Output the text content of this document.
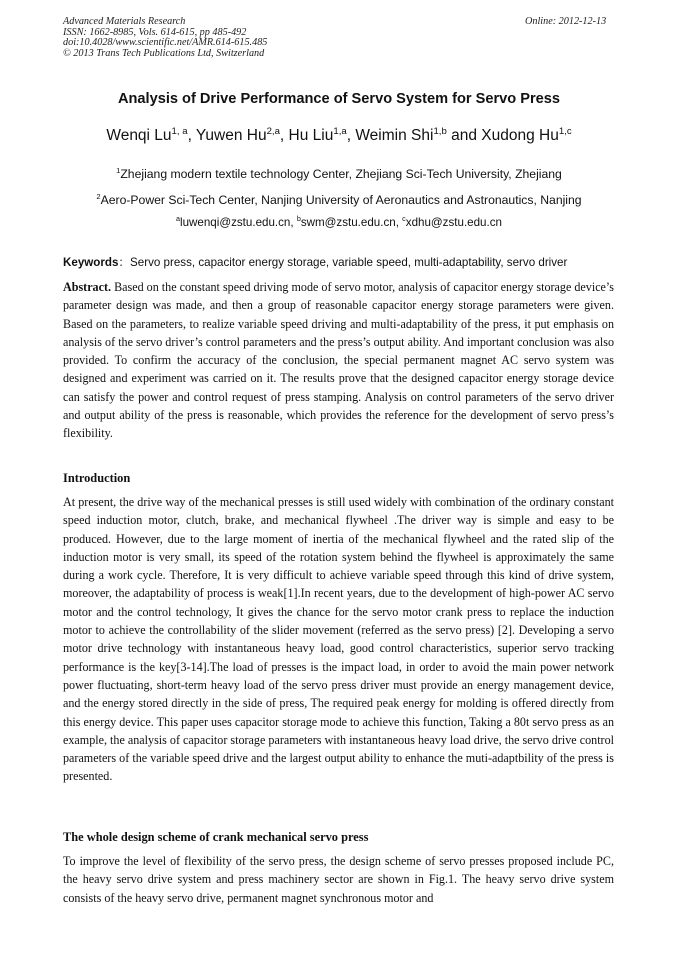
Advanced Materials Research
ISSN: 1662-8985, Vols. 614-615, pp 485-492
doi:10.4028/www.scientific.net/AMR.614-615.485
© 2013 Trans Tech Publications Ltd, Switzerland
Online: 2012-12-13
Analysis of Drive Performance of Servo System for Servo Press
Wenqi Lu$^{1, a}$, Yuwen Hu$^{2,a}$, Hu Liu$^{1,a}$, Weimin Shi$^{1,b}$ and Xudong Hu$^{1,c}$
$^1$Zhejiang modern textile technology Center, Zhejiang Sci-Tech University, Zhejiang
$^2$Aero-Power Sci-Tech Center, Nanjing University of Aeronautics and Astronautics, Nanjing
$^a$luwenqi@zstu.edu.cn, $^b$swm@zstu.edu.cn, $^c$xdhu@zstu.edu.cn
Keywords：Servo press, capacitor energy storage, variable speed, multi-adaptability, servo driver
Abstract. Based on the constant speed driving mode of servo motor, analysis of capacitor energy storage device’s parameter design was made, and then a group of reasonable capacitor energy storage parameters were given. Based on the parameters, to realize variable speed driving and multi-adaptability of the press, it put emphasis on analysis of the servo driver’s control parameters and the press’s output ability. And important conclusion was also provided. To confirm the accuracy of the conclusion, the special permanent magnet AC servo system was designed and experiment was carried on it. The results prove that the designed capacitor energy storage device can satisfy the power and control request of press stamping. Analysis on control parameters of the servo driver and output ability of the press is reasonable, which provides the reference for the development of servo press’s flexibility.
Introduction
At present, the drive way of the mechanical presses is still used widely with combination of the ordinary constant speed induction motor, clutch, brake, and mechanical flywheel .The driver way is simple and easy to be produced. However, due to the large moment of inertia of the mechanical flywheel and the rated slip of the induction motor is very small, its speed of the rotation system behind the flywheel is approximately the same during a work cycle. Therefore, It is very difficult to achieve variable speed through this kind of drive system, moreover, the adaptability of process is weak[1].In recent years, due to the development of high-power AC servo motor and the control technology, It gives the chance for the servo motor crank press to replace the induction motor to achieve the controllability of the slider movement (referred as the servo press) [2]. Developing a servo motor drive technology with instantaneous heavy load, good control characteristics, superior servo tracking performance is the key[3-14].The load of presses is the impact load, in order to avoid the main power network power fluctuating, short-term heavy load of the servo press driver must provide an energy management device, and the energy stored directly in the side of press, The required peak energy for molding is offered directly from this energy device. This paper uses capacitor storage mode to achieve this function, Taking a 80t servo press as an example, the analysis of capacitor storage parameters with instantaneous heavy load drive, the servo drive control parameters of the variable speed drive and the largest output ability to enhance the muti-adaptbility of the press is presented.
The whole design scheme of crank mechanical servo press
To improve the level of flexibility of the servo press, the design scheme of servo presses proposed include PC, the heavy servo drive system and press machinery sector are shown in Fig.1. The heavy servo drive system consists of the heavy servo drive, permanent magnet synchronous motor and
